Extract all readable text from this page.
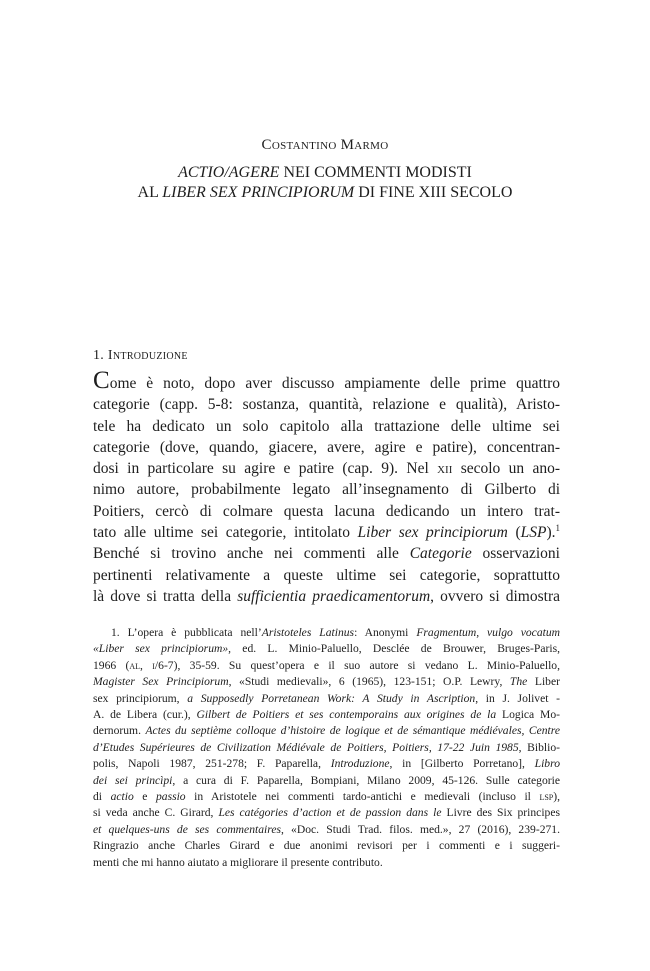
Costantino Marmo
ACTIO/AGERE NEI COMMENTI MODISTI
AL LIBER SEX PRINCIPIORUM DI FINE XIII SECOLO
1. Introduzione
Come è noto, dopo aver discusso ampiamente delle prime quattro
categorie (capp. 5-8: sostanza, quantità, relazione e qualità), Aristo-
tele ha dedicato un solo capitolo alla trattazione delle ultime sei
categorie (dove, quando, giacere, avere, agire e patire), concentran-
dosi in particolare su agire e patire (cap. 9). Nel xii secolo un ano-
nimo autore, probabilmente legato all’insegnamento di Gilberto di
Poitiers, cercò di colmare questa lacuna dedicando un intero trat-
tato alle ultime sei categorie, intitolato Liber sex principiorum (LSP).$^1$
Benché si trovino anche nei commenti alle Categorie osservazioni
pertinenti relativamente a queste ultime sei categorie, soprattutto
là dove si tratta della sufficientia praedicamentorum, ovvero si dimostra
1. L’opera è pubblicata nell’Aristoteles Latinus: Anonymi Fragmentum, vulgo vocatum
«Liber sex principiorum», ed. L. Minio-Paluello, Desclée de Brouwer, Bruges-Paris,
1966 (al, i/6-7), 35-59. Su quest’opera e il suo autore si vedano L. Minio-Paluello,
Magister Sex Principiorum, «Studi medievali», 6 (1965), 123-151; O.P. Lewry, The Liber
sex principiorum, a Supposedly Porretanean Work: A Study in Ascription, in J. Jolivet -
A. de Libera (cur.), Gilbert de Poitiers et ses contemporains aux origines de la Logica Mo-
dernorum. Actes du septième colloque d’histoire de logique et de sémantique médiévales, Centre
d’Etudes Supérieures de Civilization Médiévale de Poitiers, Poitiers, 17-22 Juin 1985, Biblio-
polis, Napoli 1987, 251-278; F. Paparella, Introduzione, in [Gilberto Porretano], Libro
dei sei princìpi, a cura di F. Paparella, Bompiani, Milano 2009, 45-126. Sulle categorie
di actio e passio in Aristotele nei commenti tardo-antichi e medievali (incluso il lsp),
si veda anche C. Girard, Les catégories d’action et de passion dans le Livre des Six principes
et quelques-uns de ses commentaires, «Doc. Studi Trad. filos. med.», 27 (2016), 239-271.
Ringrazio anche Charles Girard e due anonimi revisori per i commenti e i suggeri-
menti che mi hanno aiutato a migliorare il presente contributo.
